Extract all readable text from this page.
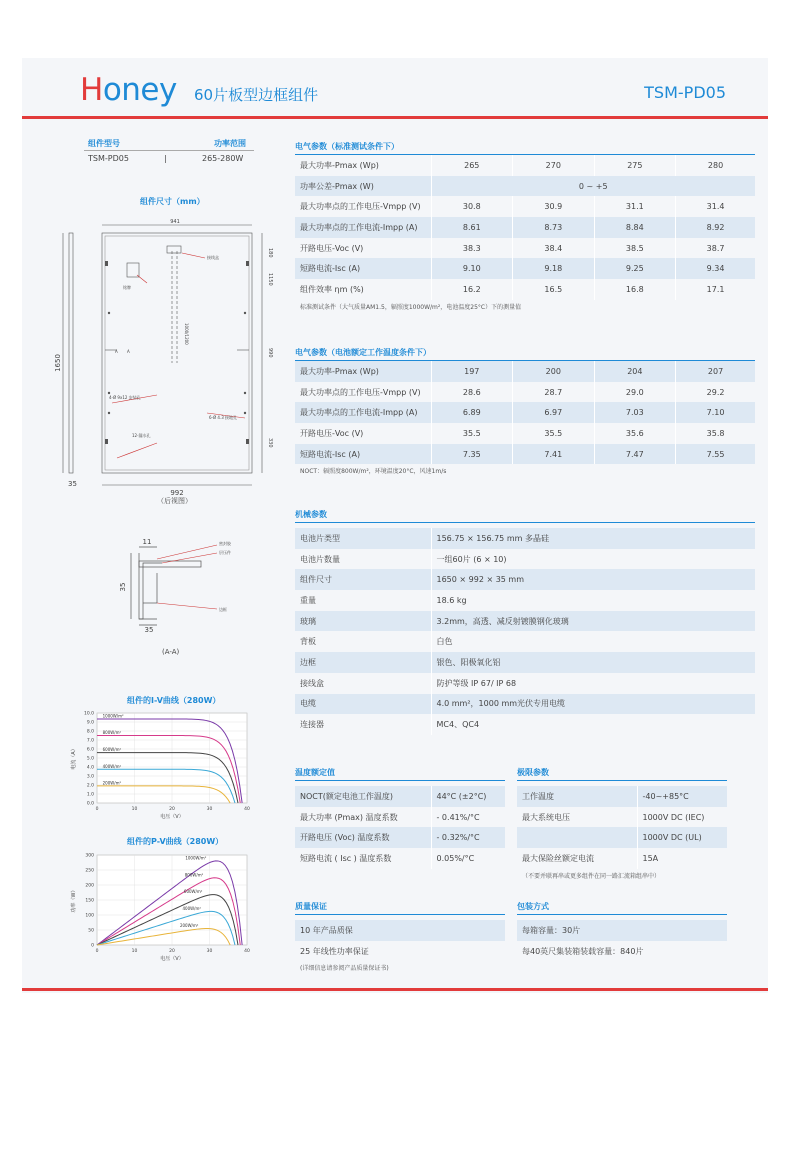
Honey 60片板型边框组件	TSM-PD05
组件型号	功率范围
TSM-PD05	|	265-280W
组件尺寸（mm）
941
992
1650
180
1150
990
330
1000/1200
接线盒
铭牌
4-Ø 9x12 安装孔
6-Ø 4.3 接地孔
12-漏水孔
A A
35
（后视图）
11
35
35
密封胶
层压件
边框
(A-A)
组件的I-V曲线（280W）
0.0
1.0
2.0
3.0
4.0
5.0
6.0
7.0
8.0
9.0
10.0
0	10	20	30	40
电压（V）
电流（A）
1000W/m²
800W/m²
600W/m²
400W/m²
200W/m²
组件的P-V曲线（280W）
0
50
100
150
200
250
300
0	10	20	30	40
电压（V）
功率（W）
1000W/m²
800W/m²
600W/m²
400W/m²
200W/m²
电气参数（标准测试条件下）
最大功率-Pmax (Wp)	265	270	275	280
功率公差-Pmax (W)	0 ~ +5			
最大功率点的工作电压-Vmpp (V)	30.8	30.9	31.1	31.4
最大功率点的工作电流-Impp (A)	8.61	8.73	8.84	8.92
开路电压-Voc (V)	38.3	38.4	38.5	38.7
短路电流-Isc (A)	9.10	9.18	9.25	9.34
组件效率 ηm (%)	16.2	16.5	16.8	17.1
标准测试条件（大气质量AM1.5，辐照度1000W/m²，电池温度25°C）下的测量值
电气参数（电池额定工作温度条件下）
最大功率-Pmax (Wp)	197	200	204	207
最大功率点的工作电压-Vmpp (V)	28.6	28.7	29.0	29.2
最大功率点的工作电流-Impp (A)	6.89	6.97	7.03	7.10
开路电压-Voc (V)	35.5	35.5	35.6	35.8
短路电流-Isc (A)	7.35	7.41	7.47	7.55
NOCT：辐照度800W/m²，环境温度20°C，风速1m/s
机械参数
电池片类型	156.75 × 156.75 mm 多晶硅
电池片数量	一组60片 (6 × 10)
组件尺寸	1650 × 992 × 35 mm
重量	18.6 kg
玻璃	3.2mm，高透、减反射镀膜钢化玻璃
背板	白色
边框	银色、阳极氧化铝
接线盒	防护等级 IP 67/ IP 68
电缆	4.0 mm²，1000 mm光伏专用电缆
连接器	MC4、QC4
温度额定值
NOCT(额定电池工作温度)	44°C (±2°C)
最大功率 (Pmax) 温度系数	- 0.41%/°C
开路电压 (Voc) 温度系数	- 0.32%/°C
短路电流 ( Isc ) 温度系数	0.05%/°C
极限参数
工作温度	-40~+85°C
最大系统电压	1000V DC (IEC)
	1000V DC (UL)
最大保险丝额定电流	15A
（不要并联再串或更多组件在同一路汇流箱组串中）
质量保证
10 年产品质保
25 年线性功率保证
(详细信息请参阅产品质量保证书)
包装方式
每箱容量：30片
每40英尺集装箱装载容量：840片
